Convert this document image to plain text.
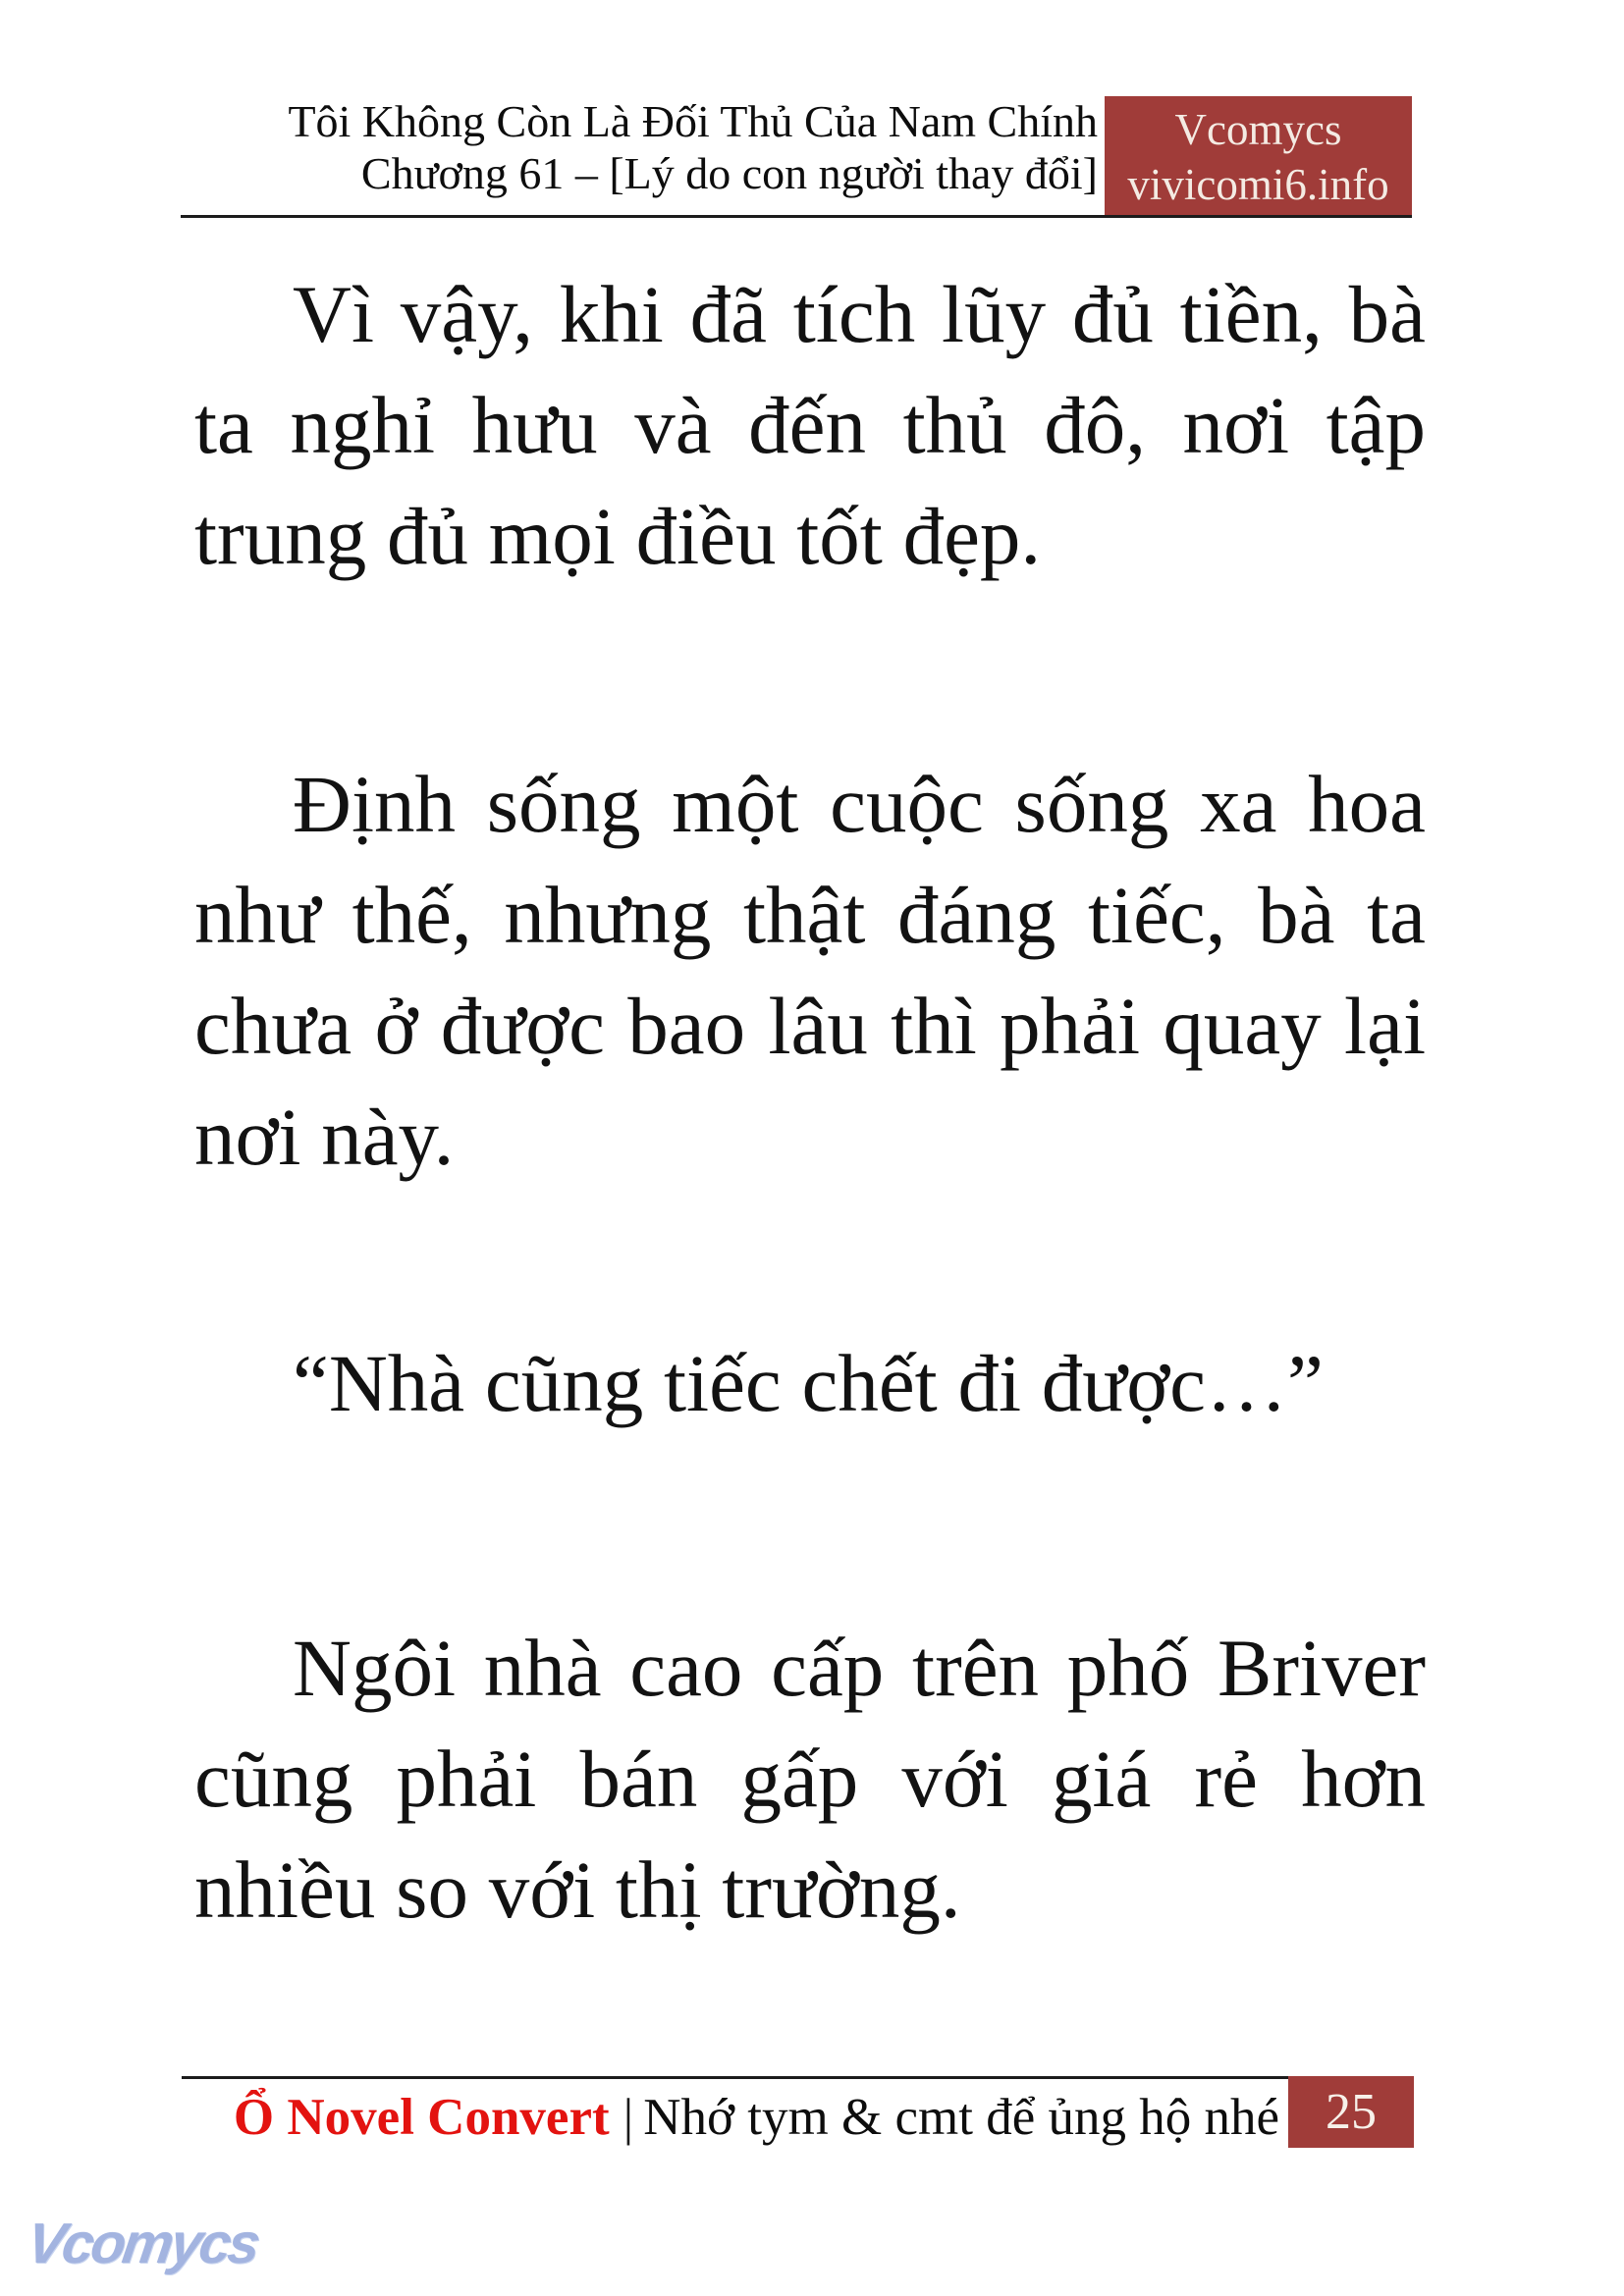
Tôi Không Còn Là Đối Thủ Của Nam Chính
Chương 61 – [Lý do con người thay đổi]
Vcomycs
vivicomi6.info

Vì vậy, khi đã tích lũy đủ tiền, bà ta nghỉ hưu và đến thủ đô, nơi tập trung đủ mọi điều tốt đẹp.

Định sống một cuộc sống xa hoa như thế, nhưng thật đáng tiếc, bà ta chưa ở được bao lâu thì phải quay lại nơi này.

“Nhà cũng tiếc chết đi được…”

Ngôi nhà cao cấp trên phố Briver cũng phải bán gấp với giá rẻ hơn nhiều so với thị trường.

Ổ Novel Convert | Nhớ tym & cmt để ủng hộ nhé 25
Vcomycs
